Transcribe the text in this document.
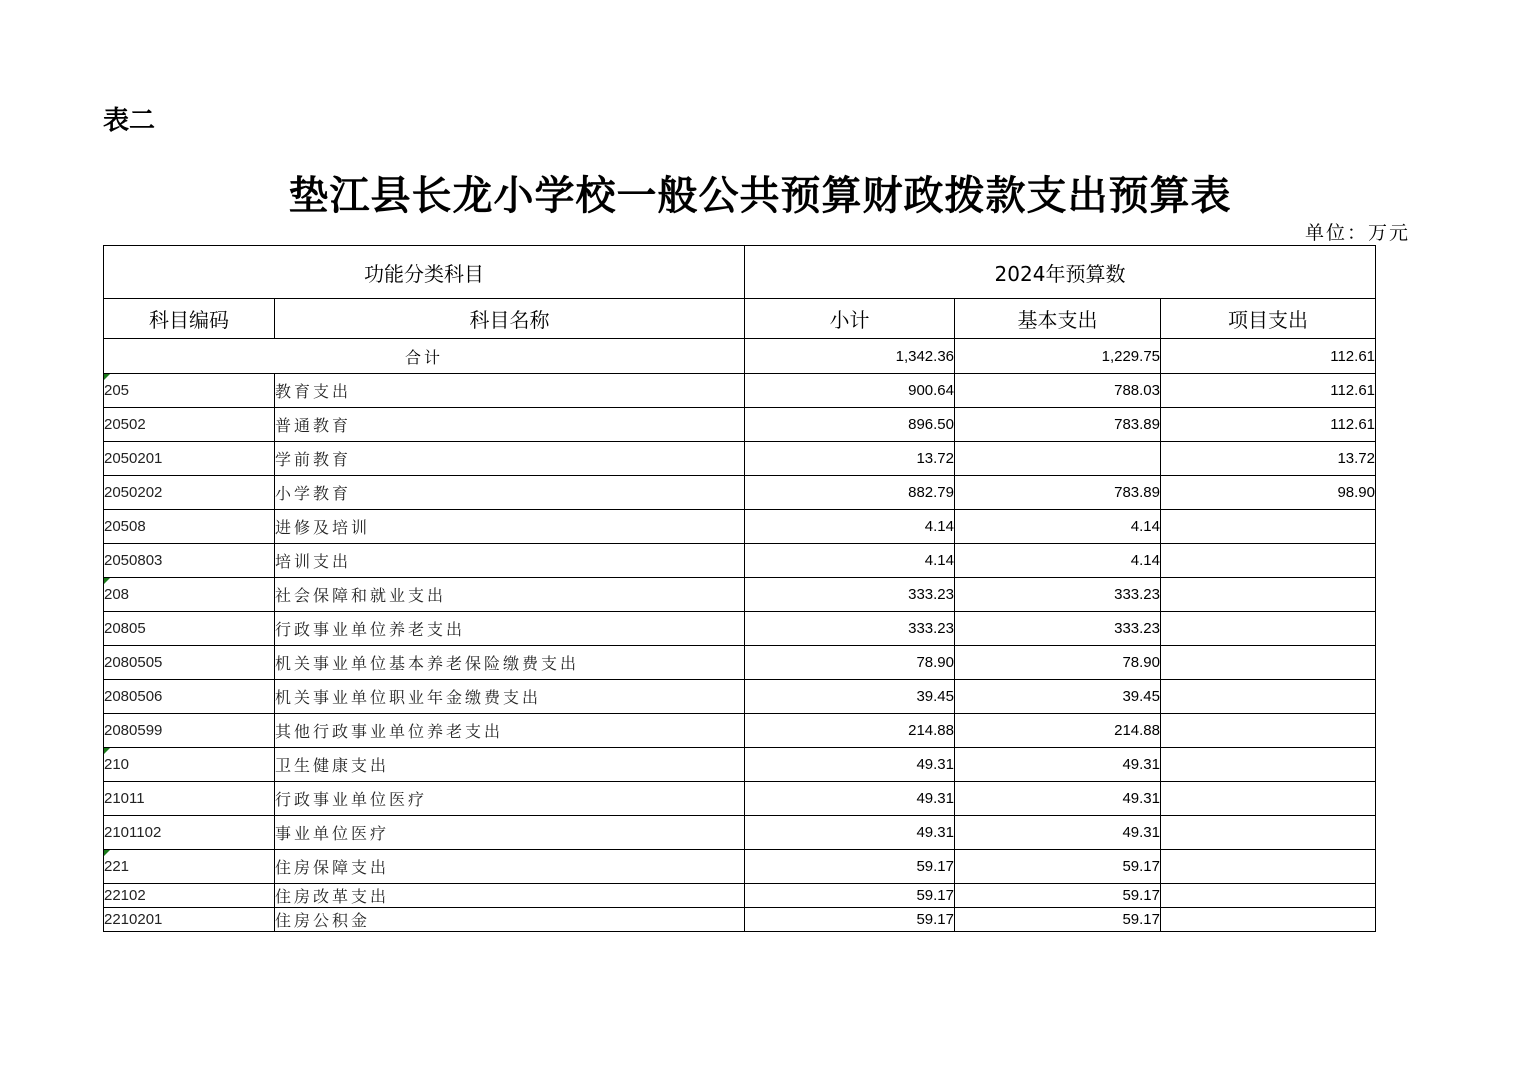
表二
垫江县长龙小学校一般公共预算财政拨款支出预算表
单位：万元
功能分类科目		2024年预算数		
科目编码	科目名称	小计	基本支出	项目支出
合计		1,342.36	1,229.75	112.61

205	教育支出	900.64	788.03	112.61
20502	普通教育	896.50	783.89	112.61
2050201	学前教育	13.72		13.72
2050202	小学教育	882.79	783.89	98.90
20508	进修及培训	4.14	4.14	
2050803	培训支出	4.14	4.14	

208	社会保障和就业支出	333.23	333.23	
20805	行政事业单位养老支出	333.23	333.23	
2080505	机关事业单位基本养老保险缴费支出	78.90	78.90	
2080506	机关事业单位职业年金缴费支出	39.45	39.45	
2080599	其他行政事业单位养老支出	214.88	214.88	

210	卫生健康支出	49.31	49.31	
21011	行政事业单位医疗	49.31	49.31	
2101102	事业单位医疗	49.31	49.31	

221	住房保障支出	59.17	59.17	
22102	住房改革支出	59.17	59.17	
2210201	住房公积金	59.17	59.17	
